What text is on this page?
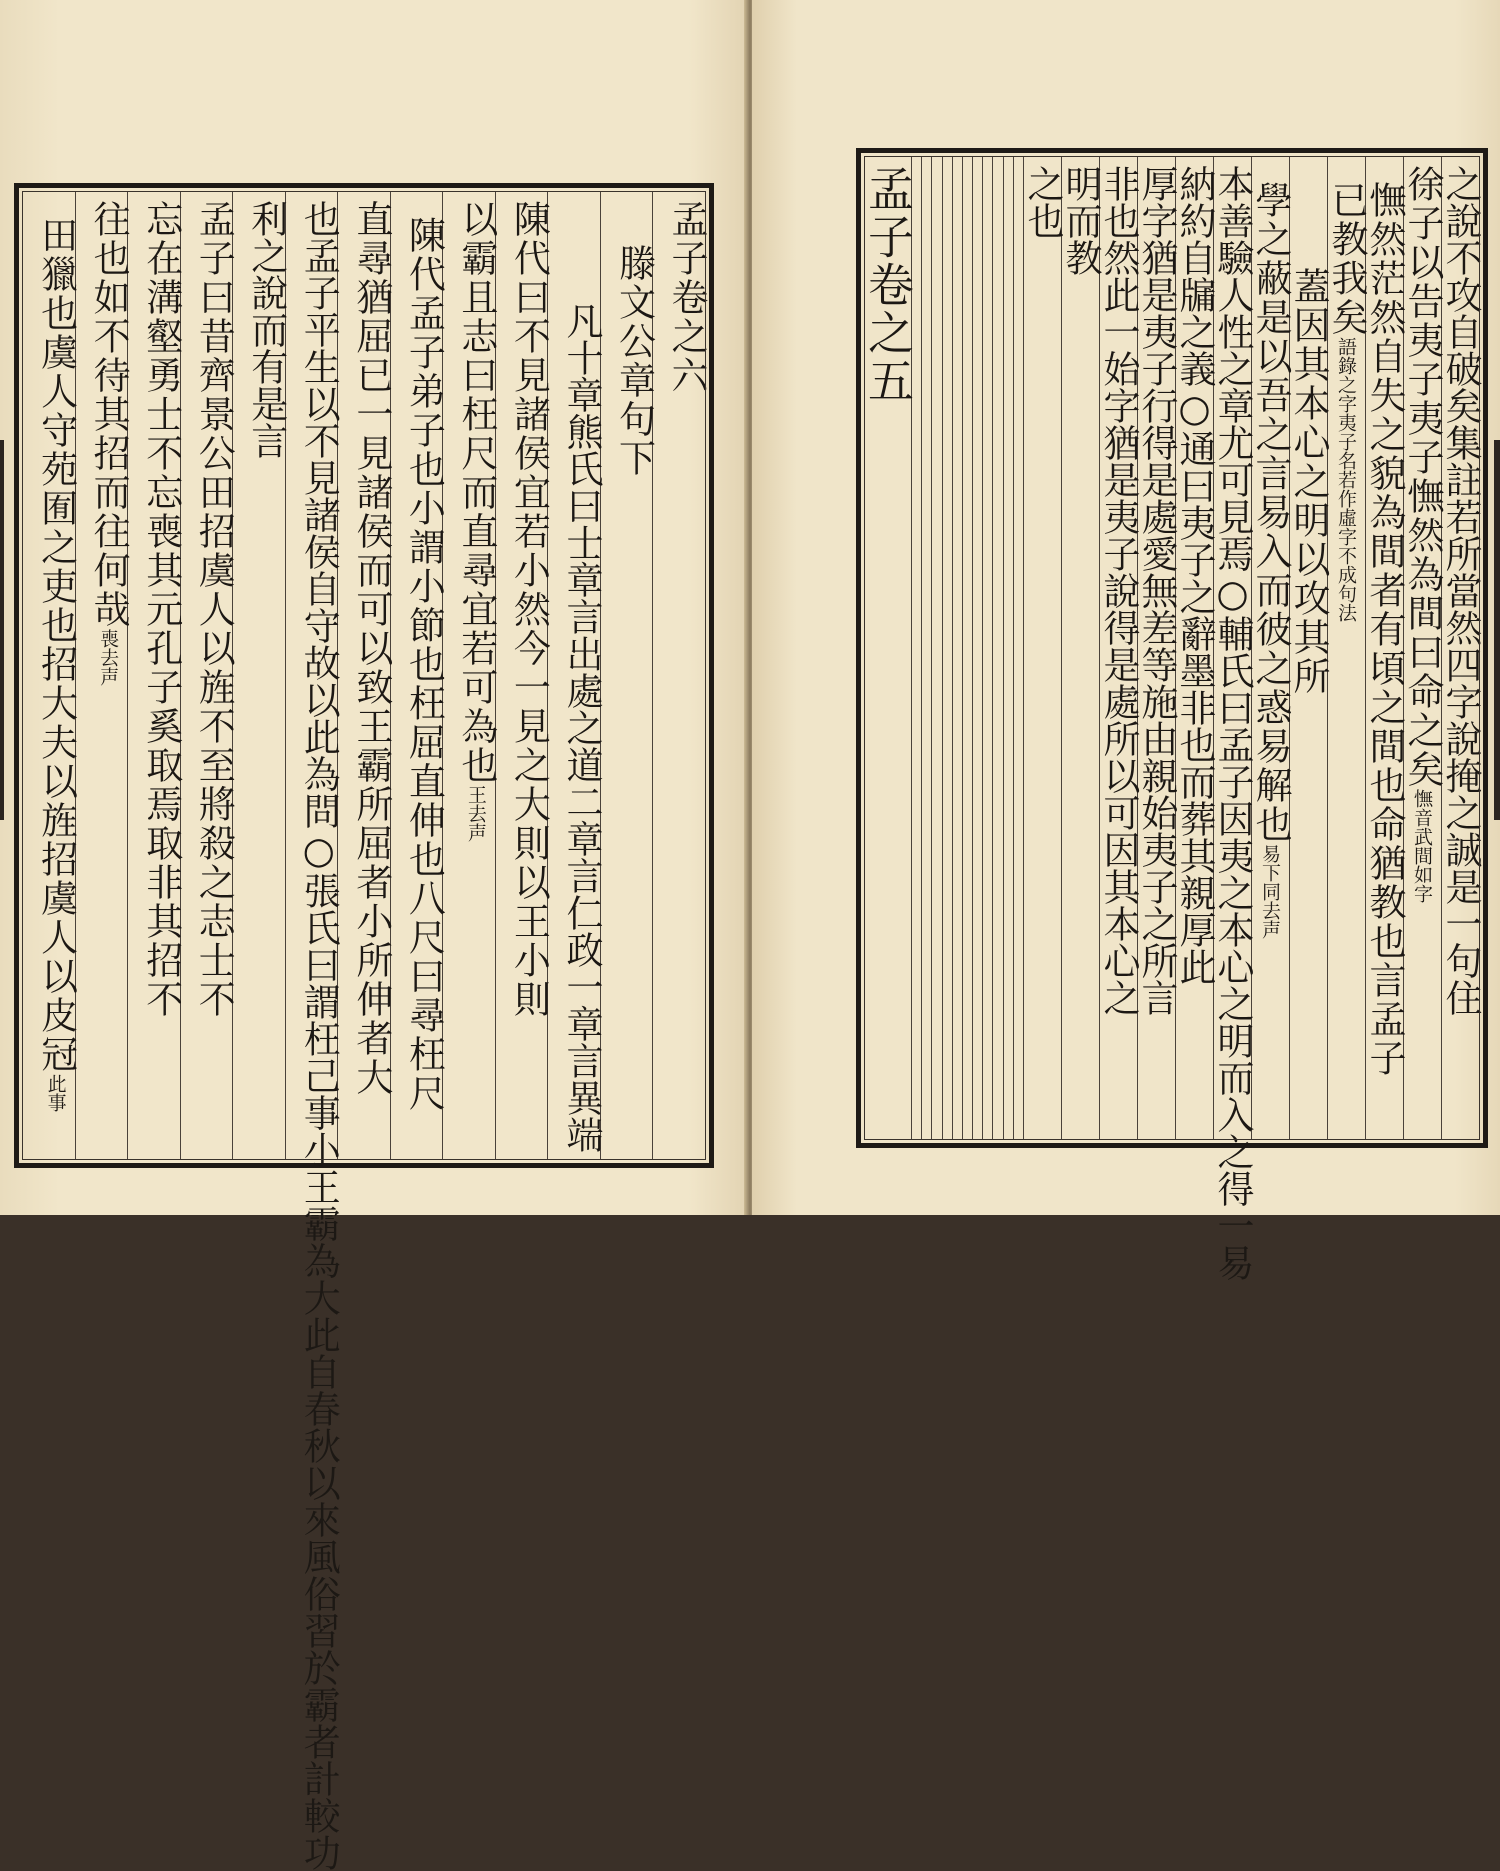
孟子卷之六
滕文公章句下
凡十章熊氏曰士章言出處之道二章言仁政一章言異端
陳代曰不見諸侯宜若小然今一見之大則以王小則
以霸且志曰枉尺而直尋宜若可為也王去声
陳代孟子弟子也小謂小節也枉屈直伸也八尺曰尋枉尺
直尋猶屈已一見諸侯而可以致王霸所屈者小所伸者大
也孟子平生以不見諸侯自守故以此為問○張氏曰謂枉己事小王霸為大此自春秋以來風俗習於霸者計較功
利之說而有是言
孟子曰昔齊景公田招虞人以旌不至將殺之志士不
忘在溝壑勇士不忘喪其元孔子奚取焉取非其招不
往也如不待其招而往何哉喪去声
田獵也虞人守苑囿之吏也招大夫以旌招虞人以皮冠此事
之說不攻自破矣集註若所當然四字說掩之誠是一句住
徐子以告夷子夷子憮然為間曰命之矣憮音武間如字
憮然茫然自失之貌為間者有頃之間也命猶教也言孟子
已教我矣語錄之字夷子名若作虛字不成句法
蓋因其本心之明以攻其所
學之蔽是以吾之言易入而彼之惑易解也易下同去声
本善驗人性之章尤可見焉○輔氏曰孟子因夷之本心之明而入之得一易
納約自牖之義○通曰夷子之辭墨非也而葬其親厚此
厚字猶是夷子行得是處愛無差等施由親始夷子之所言
非也然此一始字猶是夷子說得是處所以可因其本心之
明而教
之也
孟子卷之五
